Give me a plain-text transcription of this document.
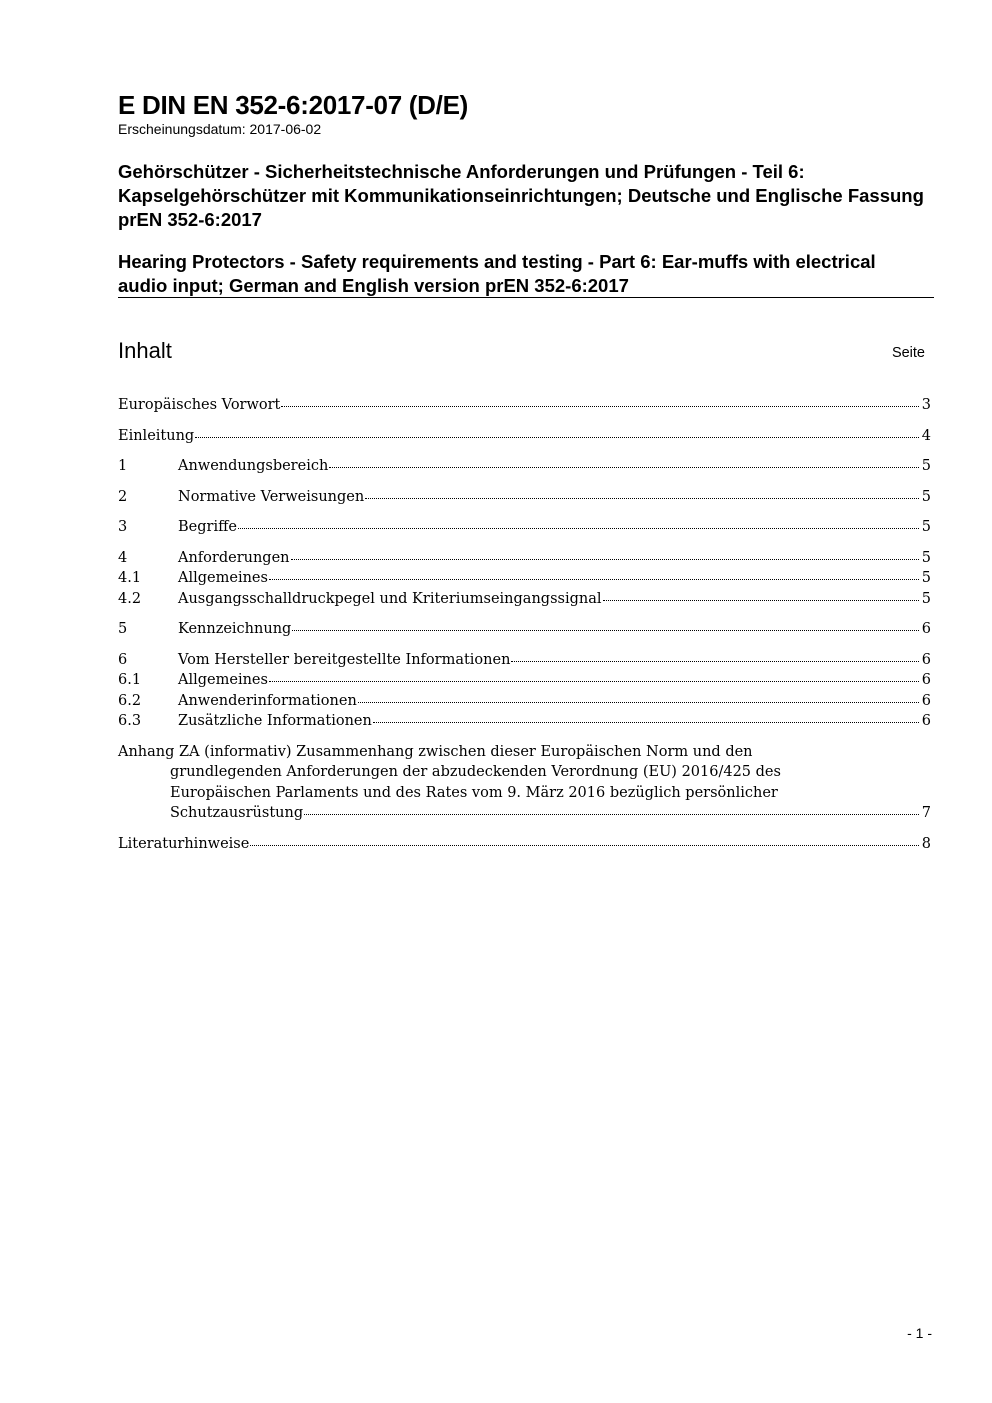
E DIN EN 352-6:2017-07 (D/E)
Erscheinungsdatum: 2017-06-02
Gehörschützer - Sicherheitstechnische Anforderungen und Prüfungen - Teil 6: Kapselgehörschützer mit Kommunikationseinrichtungen; Deutsche und Englische Fassung prEN 352-6:2017
Hearing Protectors - Safety requirements and testing - Part 6: Ear-muffs with electrical audio input; German and English version prEN 352-6:2017
Inhalt	Seite
Europäisches Vorwort	3
Einleitung	4
1	Anwendungsbereich	5
2	Normative Verweisungen	5
3	Begriffe	5
4	Anforderungen	5
4.1	Allgemeines	5
4.2	Ausgangsschalldruckpegel und Kriteriumseingangssignal	5
5	Kennzeichnung	6
6	Vom Hersteller bereitgestellte Informationen	6
6.1	Allgemeines	6
6.2	Anwenderinformationen	6
6.3	Zusätzliche Informationen	6
Anhang ZA (informativ) Zusammenhang zwischen dieser Europäischen Norm und den
grundlegenden Anforderungen der abzudeckenden Verordnung (EU) 2016/425 des
Europäischen Parlaments und des Rates vom 9. März 2016 bezüglich persönlicher
Schutzausrüstung	7
Literaturhinweise	8
- 1 -
